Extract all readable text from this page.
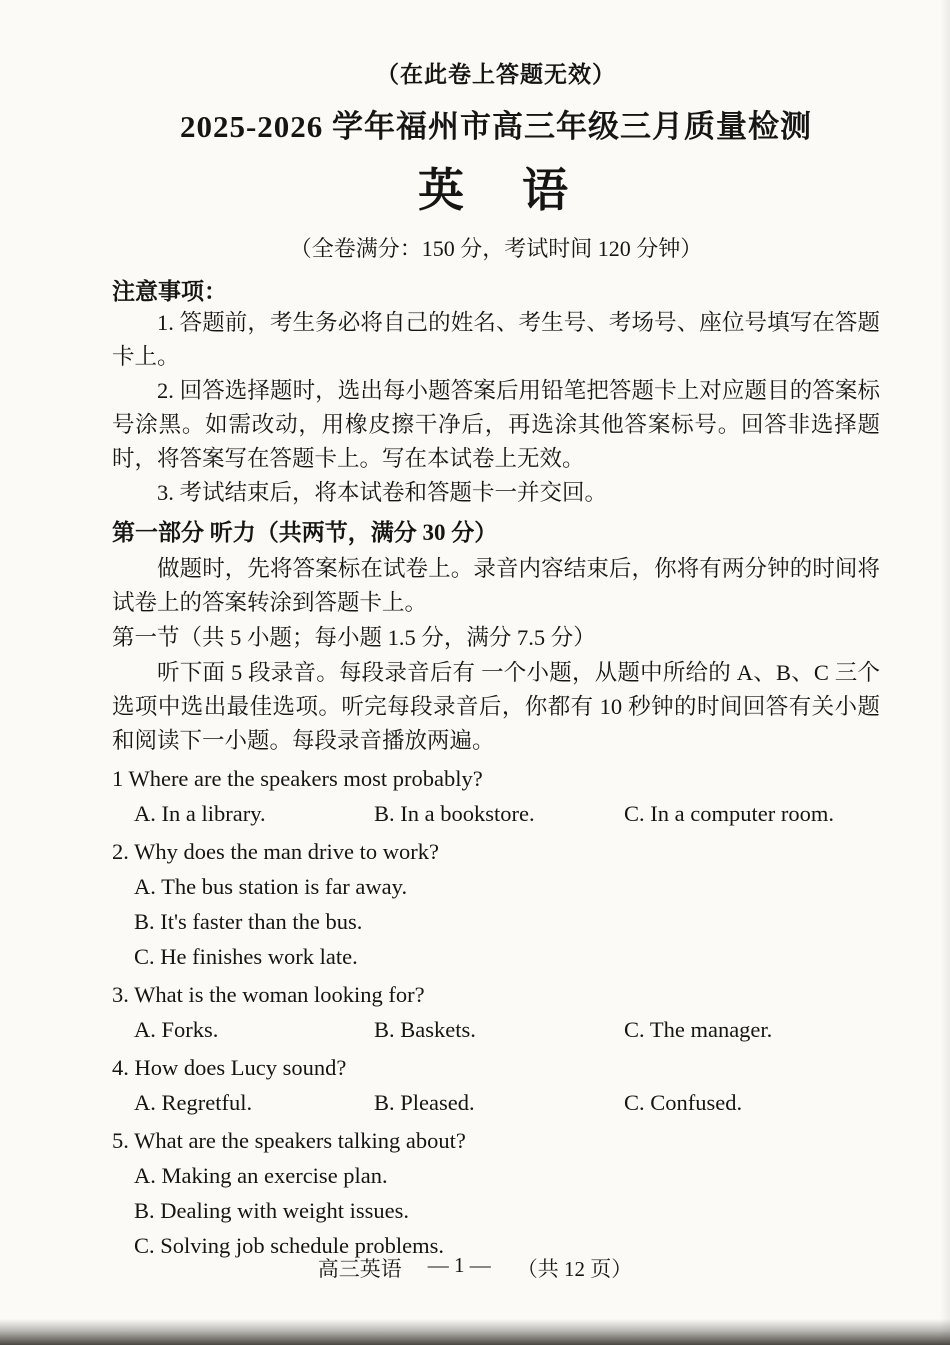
（在此卷上答题无效）
2025-2026 学年福州市高三年级三月质量检测
英　语
（全卷满分：150 分，考试时间 120 分钟）
注意事项：

1. 答题前，考生务必将自己的姓名、考生号、考场号、座位号填写在答题卡上。

2. 回答选择题时，选出每小题答案后用铅笔把答题卡上对应题目的答案标号涂黑。如需改动，用橡皮擦干净后，再选涂其他答案标号。回答非选择题时，将答案写在答题卡上。写在本试卷上无效。

3. 考试结束后，将本试卷和答题卡一并交回。

第一部分 听力（共两节，满分 30 分）

做题时，先将答案标在试卷上。录音内容结束后，你将有两分钟的时间将试卷上的答案转涂到答题卡上。

第一节（共 5 小题；每小题 1.5 分，满分 7.5 分）

听下面 5 段录音。每段录音后有 一个小题，从题中所给的 A、B、C 三个选项中选出最佳选项。听完每段录音后，你都有 10 秒钟的时间回答有关小题和阅读下一小题。每段录音播放两遍。

1 Where are the speakers most probably?
A. In a library.	B. In a bookstore.	C. In a computer room.
2. Why does the man drive to work?
A. The bus station is far away.
B. It's faster than the bus.
C. He finishes work late.
3. What is the woman looking for?
A. Forks.	B. Baskets.	C. The manager.
4. How does Lucy sound?
A. Regretful.	B. Pleased.	C. Confused.
5. What are the speakers talking about?
A. Making an exercise plan.
B. Dealing with weight issues.
C. Solving job schedule problems.
高三英语 — 1 — （共 12 页）
